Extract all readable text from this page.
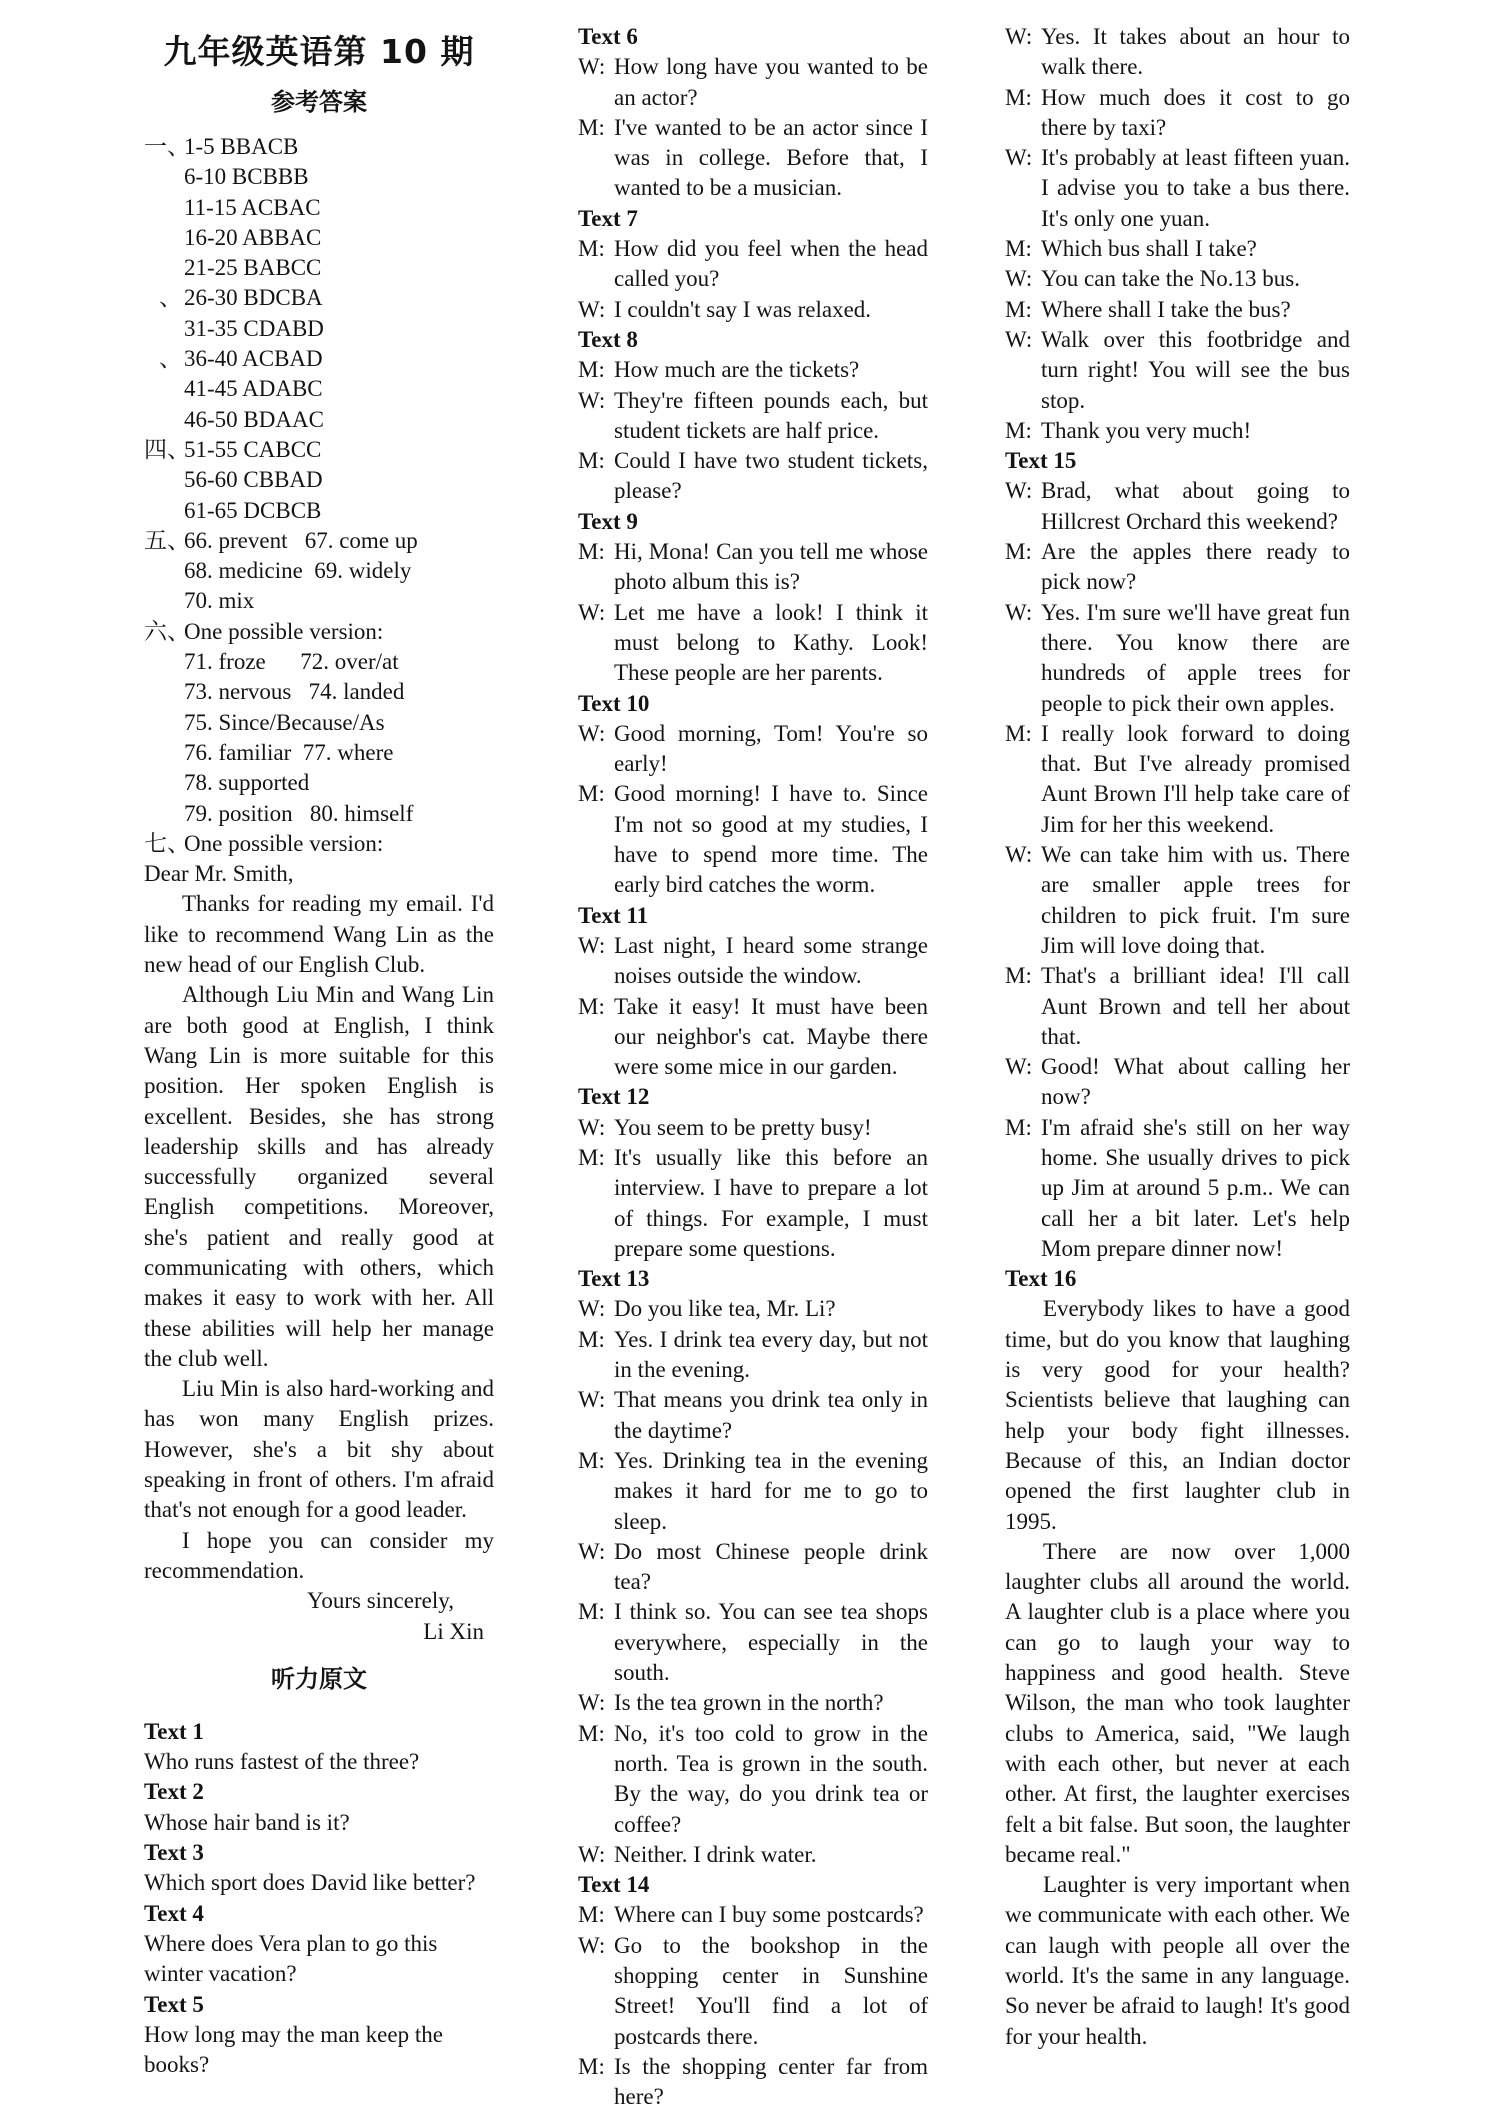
九年级英语第 10 期
参考答案
一、
1-5 BBACB
6-10 BCBBB
11-15 ACBAC
16-20 ABBAC
21-25 BABCC
、 26-30 BDCBA
31-35 CDABD
、 36-40 ACBAD
41-45 ADABC
46-50 BDAAC
四、
51-55 CABCC
56-60 CBBAD
61-65 DCBCB
五、
66. prevent   67. come up
68. medicine  69. widely
70. mix
六、
One possible version:
71. froze      72. over/at
73. nervous   74. landed
75. Since/Because/As
76. familiar  77. where
78. supported
79. position   80. himself
七、
One possible version:
Dear Mr. Smith,
Thanks for reading my email. I'd like to recommend Wang Lin as the new head of our English Club.
Although Liu Min and Wang Lin are both good at English, I think Wang Lin is more suitable for this position. Her spoken English is excellent. Besides, she has strong leadership skills and has already successfully organized several English competitions. Moreover, she's patient and really good at communicating with others, which makes it easy to work with her. All these abilities will help her manage the club well.
Liu Min is also hard-working and has won many English prizes. However, she's a bit shy about speaking in front of others. I'm afraid that's not enough for a good leader.
I hope you can consider my recommendation.
Yours sincerely,
Li Xin
听力原文
Text 1
Who runs fastest of the three?
Text 2
Whose hair band is it?
Text 3
Which sport does David like better?
Text 4
Where does Vera plan to go this winter vacation?
Text 5
How long may the man keep the books?
Text 6
W: How long have you wanted to be an actor?
M: I've wanted to be an actor since I was in college. Before that, I wanted to be a musician.
Text 7
M: How did you feel when the head called you?
W: I couldn't say I was relaxed.
Text 8
M: How much are the tickets?
W: They're fifteen pounds each, but student tickets are half price.
M: Could I have two student tickets, please?
Text 9
M: Hi, Mona! Can you tell me whose photo album this is?
W: Let me have a look! I think it must belong to Kathy. Look! These people are her parents.
Text 10
W: Good morning, Tom! You're so early!
M: Good morning! I have to. Since I'm not so good at my studies, I have to spend more time. The early bird catches the worm.
Text 11
W: Last night, I heard some strange noises outside the window.
M: Take it easy! It must have been our neighbor's cat. Maybe there were some mice in our garden.
Text 12
W: You seem to be pretty busy!
M: It's usually like this before an interview. I have to prepare a lot of things. For example, I must prepare some questions.
Text 13
W: Do you like tea, Mr. Li?
M: Yes. I drink tea every day, but not in the evening.
W: That means you drink tea only in the daytime?
M: Yes. Drinking tea in the evening makes it hard for me to go to sleep.
W: Do most Chinese people drink tea?
M: I think so. You can see tea shops everywhere, especially in the south.
W: Is the tea grown in the north?
M: No, it's too cold to grow in the north. Tea is grown in the south. By the way, do you drink tea or coffee?
W: Neither. I drink water.
Text 14
M: Where can I buy some postcards?
W: Go to the bookshop in the shopping center in Sunshine Street! You'll find a lot of postcards there.
M: Is the shopping center far from here?
W: Yes. It takes about an hour to walk there.
M: How much does it cost to go there by taxi?
W: It's probably at least fifteen yuan. I advise you to take a bus there. It's only one yuan.
M: Which bus shall I take?
W: You can take the No.13 bus.
M: Where shall I take the bus?
W: Walk over this footbridge and turn right! You will see the bus stop.
M: Thank you very much!
Text 15
W: Brad, what about going to Hillcrest Orchard this weekend?
M: Are the apples there ready to pick now?
W: Yes. I'm sure we'll have great fun there. You know there are hundreds of apple trees for people to pick their own apples.
M: I really look forward to doing that. But I've already promised Aunt Brown I'll help take care of Jim for her this weekend.
W: We can take him with us. There are smaller apple trees for children to pick fruit. I'm sure Jim will love doing that.
M: That's a brilliant idea! I'll call Aunt Brown and tell her about that.
W: Good! What about calling her now?
M: I'm afraid she's still on her way home. She usually drives to pick up Jim at around 5 p.m.. We can call her a bit later. Let's help Mom prepare dinner now!
Text 16
Everybody likes to have a good time, but do you know that laughing is very good for your health? Scientists believe that laughing can help your body fight illnesses. Because of this, an Indian doctor opened the first laughter club in 1995.
There are now over 1,000 laughter clubs all around the world. A laughter club is a place where you can go to laugh your way to happiness and good health. Steve Wilson, the man who took laughter clubs to America, said, "We laugh with each other, but never at each other. At first, the laughter exercises felt a bit false. But soon, the laughter became real."
Laughter is very important when we communicate with each other. We can laugh with people all over the world. It's the same in any language. So never be afraid to laugh! It's good for your health.
